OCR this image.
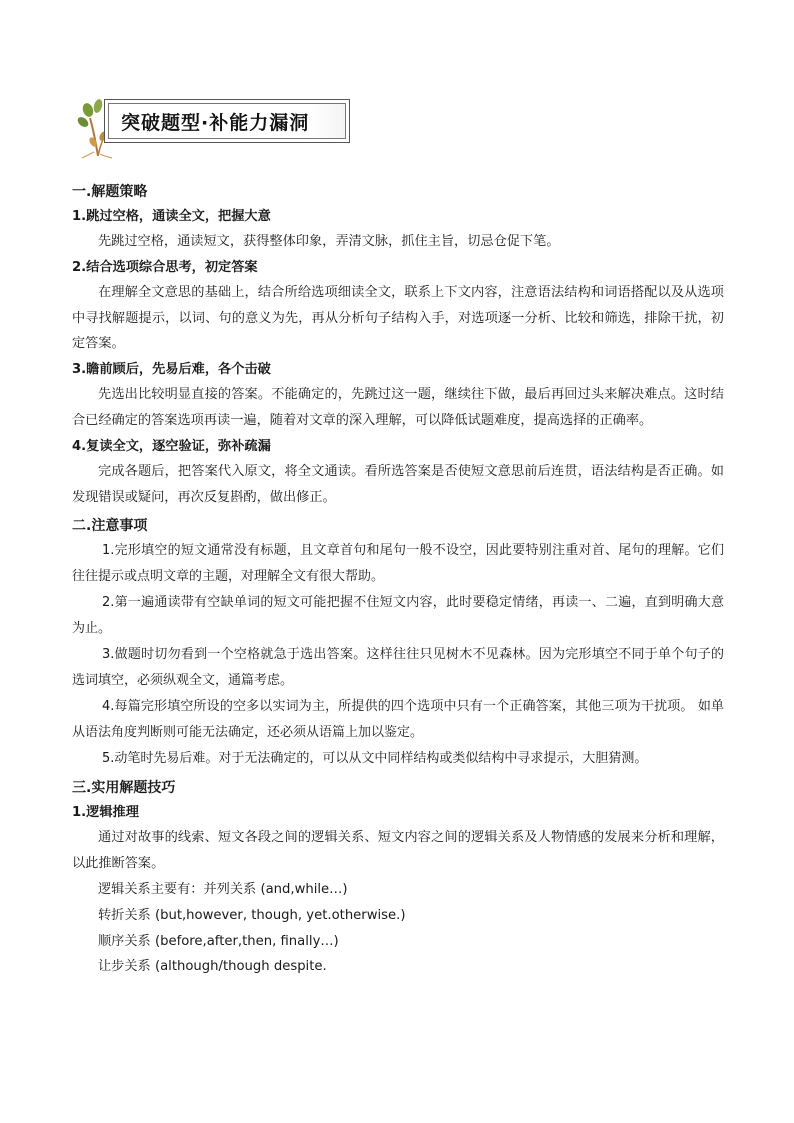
突破题型·补能力漏洞
一.解题策略
1.跳过空格，通读全文，把握大意

先跳过空格，通读短文，获得整体印象，弄清文脉，抓住主旨，切忌仓促下笔。

2.结合选项综合思考，初定答案

在理解全文意思的基础上，结合所给选项细读全文，联系上下文内容，注意语法结构和词语搭配以及从选项中寻找解题提示，以词、句的意义为先，再从分析句子结构入手，对选项逐一分析、比较和筛选，排除干扰，初定答案。

3.瞻前顾后，先易后难，各个击破

先选出比较明显直接的答案。不能确定的，先跳过这一题，继续往下做，最后再回过头来解决难点。这时结合已经确定的答案选项再读一遍，随着对文章的深入理解，可以降低试题难度，提高选择的正确率。

4.复读全文，逐空验证，弥补疏漏

完成各题后，把答案代入原文，将全文通读。看所选答案是否使短文意思前后连贯，语法结构是否正确。如发现错误或疑问，再次反复斟酌，做出修正。

二.注意事项

1.完形填空的短文通常没有标题，且文章首句和尾句一般不设空，因此要特别注重对首、尾句的理解。它们往往提示或点明文章的主题，对理解全文有很大帮助。

2.第一遍通读带有空缺单词的短文可能把握不住短文内容，此时要稳定情绪，再读一、二遍，直到明确大意为止。

3.做题时切勿看到一个空格就急于选出答案。这样往往只见树木不见森林。因为完形填空不同于单个句子的选词填空，必须纵观全文，通篇考虑。

4.每篇完形填空所设的空多以实词为主，所提供的四个选项中只有一个正确答案，其他三项为干扰项。 如单从语法角度判断则可能无法确定，还必须从语篇上加以鉴定。

5.动笔时先易后难。对于无法确定的，可以从文中同样结构或类似结构中寻求提示，大胆猜测。

三.实用解题技巧
1.逻辑推理

通过对故事的线索、短文各段之间的逻辑关系、短文内容之间的逻辑关系及人物情感的发展来分析和理解，以此推断答案。

逻辑关系主要有：并列关系 (and,while…)

转折关系 (but,however, though, yet.otherwise.)

顺序关系 (before,after,then, finally…)

让步关系 (although/though despite.
